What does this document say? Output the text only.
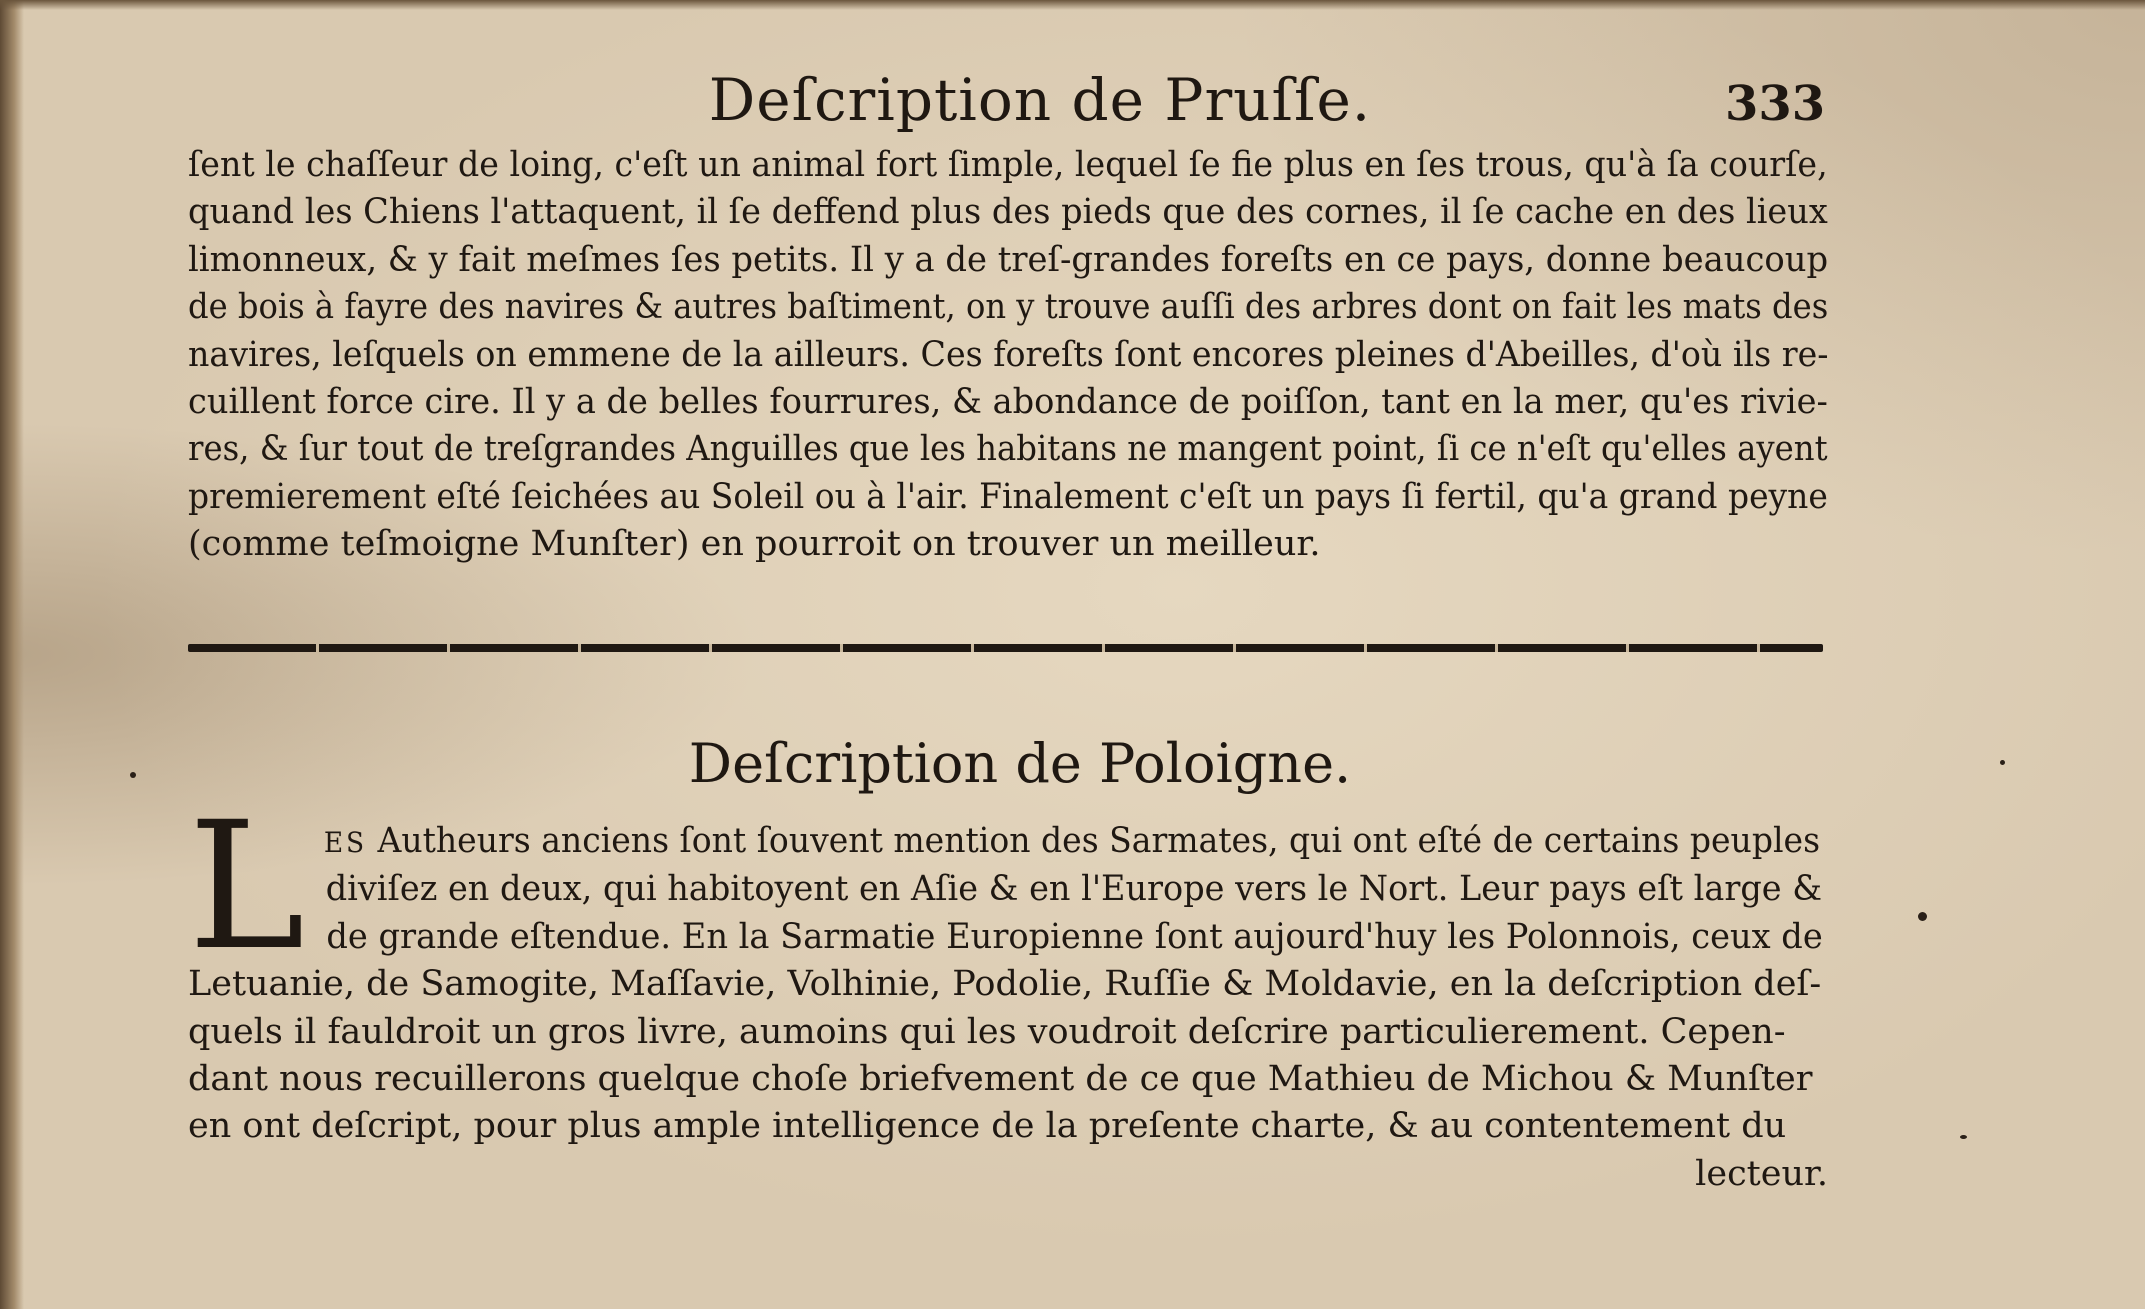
Deſcription de Pruſſe.	333

ſent le chaſſeur de loing, c'eſt un animal fort ſimple, lequel ſe fie plus en ſes trous, qu'à ſa courſe,
quand les Chiens l'attaquent, il ſe deffend plus des pieds que des cornes, il ſe cache en des lieux
limonneux, & y fait meſmes ſes petits. Il y a de treſ-grandes foreſts en ce pays, donne beaucoup
de bois à fayre des navires & autres baſtiment, on y trouve auſſi des arbres dont on fait les mats des
navires, leſquels on emmene de la ailleurs. Ces foreſts ſont encores pleines d'Abeilles, d'où ils re-
cuillent force cire. Il y a de belles fourrures, & abondance de poiſſon, tant en la mer, qu'es rivie-
res, & ſur tout de treſgrandes Anguilles que les habitans ne mangent point, ſi ce n'eſt qu'elles ayent
premierement eſté ſeichées au Soleil ou à l'air. Finalement c'eſt un pays ſi fertil, qu'a grand peyne
(comme teſmoigne Munſter) en pourroit on trouver un meilleur.

Deſcription de Poloigne.
L ES Autheurs anciens ſont ſouvent mention des Sarmates, qui ont eſté de certains peuples
diviſez en deux, qui habitoyent en Aſie & en l'Europe vers le Nort. Leur pays eſt large &
de grande eſtendue. En la Sarmatie Europienne ſont aujourd'huy les Polonnois, ceux de
Letuanie, de Samogite, Maſſavie, Volhinie, Podolie, Ruſſie & Moldavie, en la deſcription deſ-
quels il fauldroit un gros livre, aumoins qui les voudroit deſcrire particulierement. Cepen-
dant nous recuillerons quelque choſe briefvement de ce que Mathieu de Michou & Munſter
en ont deſcript, pour plus ample intelligence de la preſente charte, & au contentement du
lecteur.
